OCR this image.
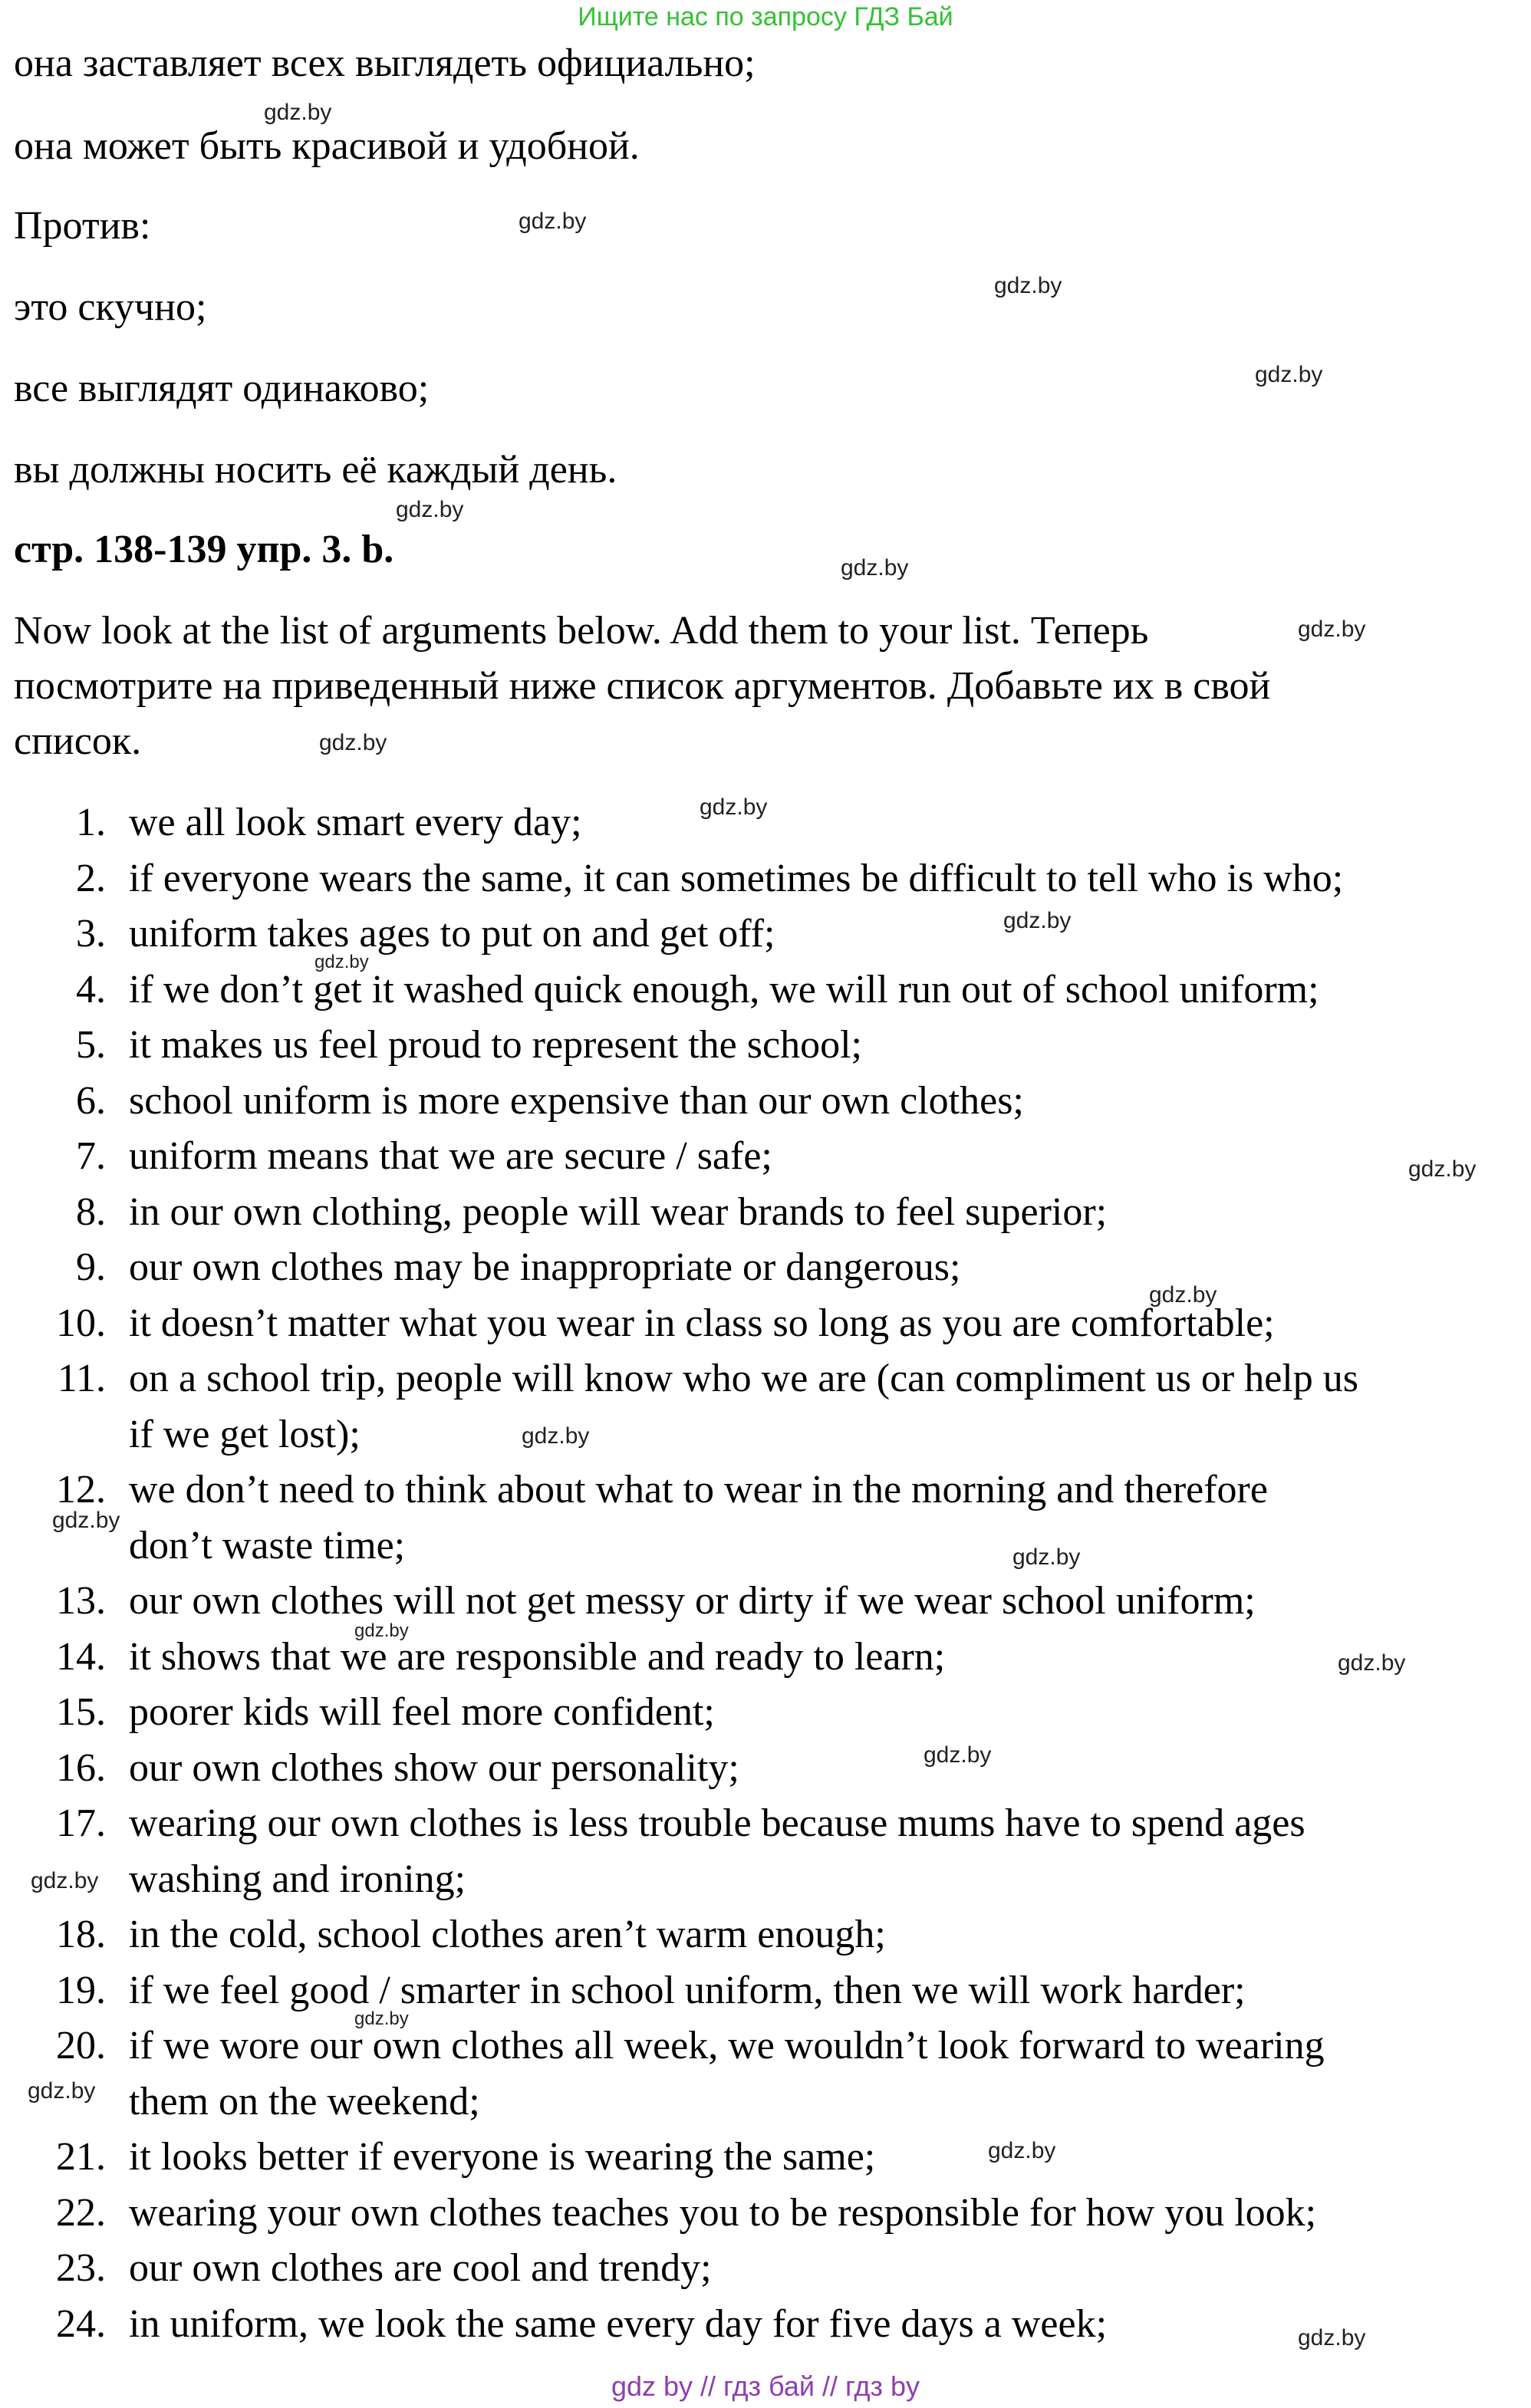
Ищите нас по запросу ГДЗ Бай
она заставляет всех выглядеть официально;
она может быть красивой и удобной.
Против:
это скучно;
все выглядят одинаково;
вы должны носить её каждый день.
стр. 138-139 упр. 3. b.
Now look at the list of arguments below. Add them to your list. Теперь
посмотрите на приведенный ниже список аргументов. Добавьте их в свой
список.
1. we all look smart every day;
2. if everyone wears the same, it can sometimes be difficult to tell who is who;
3. uniform takes ages to put on and get off;
4. if we don’t get it washed quick enough, we will run out of school uniform;
5. it makes us feel proud to represent the school;
6. school uniform is more expensive than our own clothes;
7. uniform means that we are secure / safe;
8. in our own clothing, people will wear brands to feel superior;
9. our own clothes may be inappropriate or dangerous;
10. it doesn’t matter what you wear in class so long as you are comfortable;
11. on a school trip, people will know who we are (can compliment us or help us
if we get lost);
12. we don’t need to think about what to wear in the morning and therefore
don’t waste time;
13. our own clothes will not get messy or dirty if we wear school uniform;
14. it shows that we are responsible and ready to learn;
15. poorer kids will feel more confident;
16. our own clothes show our personality;
17. wearing our own clothes is less trouble because mums have to spend ages
washing and ironing;
18. in the cold, school clothes aren’t warm enough;
19. if we feel good / smarter in school uniform, then we will work harder;
20. if we wore our own clothes all week, we wouldn’t look forward to wearing
them on the weekend;
21. it looks better if everyone is wearing the same;
22. wearing your own clothes teaches you to be responsible for how you look;
23. our own clothes are cool and trendy;
24. in uniform, we look the same every day for five days a week;
gdz.by
gdz.by
gdz.by
gdz.by
gdz.by
gdz.by
gdz.by
gdz.by
gdz.by
gdz.by
gdz.by
gdz.by
gdz.by
gdz.by
gdz.by
gdz.by
gdz.by
gdz.by
gdz.by
gdz.by
gdz.by
gdz.by
gdz.by
gdz.by
gdz by // гдз бай // гдз by
